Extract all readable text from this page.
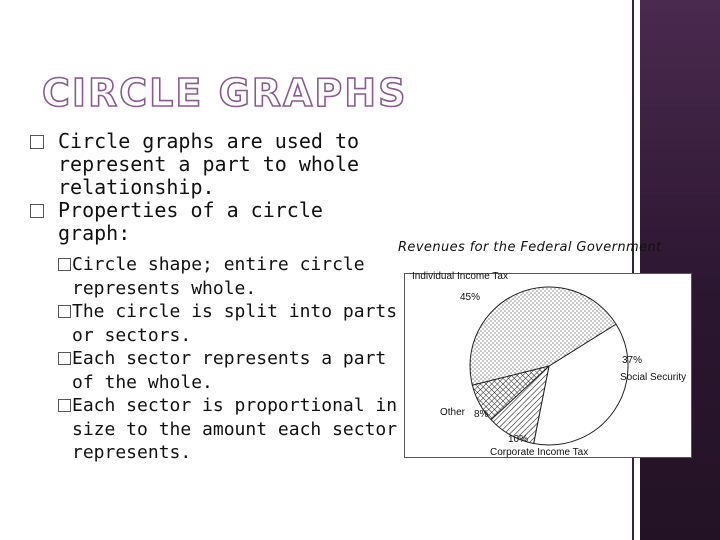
CIRCLE GRAPHS
Circle graphs are used to represent a part to whole relationship.
Properties of a circle graph:
Circle shape; entire circle represents whole.
The circle is split into parts or sectors.
Each sector represents a part of the whole.
Each sector is proportional in size to the amount each sector represents.

Revenues for the Federal Government

Individual Income Tax
45%
37%
Social Security
Other 8%
10%
Corporate Income Tax
